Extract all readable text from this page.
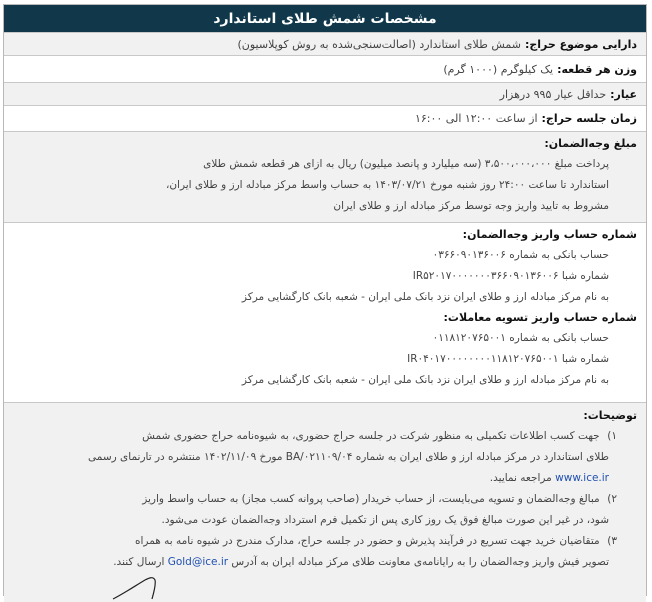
مشخصات شمش طلای استاندارد
دارایی موضوع حراج:
شمش طلای استاندارد (اصالت‌سنجی‌شده به روش کوپلاسیون)
وزن هر قطعه:
یک کیلوگرم (۱۰۰۰ گرم)
عیار:
حداقل عیار ۹۹۵ درهزار
زمان جلسه حراج:
از ساعت ۱۲:۰۰ الی ۱۶:۰۰
مبلغ وجه‌الضمان:
پرداخت مبلغ ۳،۵۰۰،۰۰۰،۰۰۰ (سه میلیارد و پانصد میلیون) ریال به ازای هر قطعه شمش طلای
استاندارد تا ساعت ۲۴:۰۰ روز شنبه مورخ ۱۴۰۳/۰۷/۲۱ به حساب واسط مرکز مبادله ارز و طلای ایران،
مشروط به تایید واریز وجه توسط مرکز مبادله ارز و طلای ایران
شماره حساب واریز وجه‌الضمان:
حساب بانکی به شماره ۰۳۶۶۰۹۰۱۳۶۰۰۶
شماره شبا IR۵۲۰۱۷۰۰۰۰۰۰۰۳۶۶۰۹۰۱۳۶۰۰۶
به نام مرکز مبادله ارز و طلای ایران نزد بانک ملی ایران - شعبه بانک کارگشایی مرکز
شماره حساب واریز تسویه معاملات:
حساب بانکی به شماره ۰۱۱۸۱۲۰۷۶۵۰۰۱
شماره شبا IR۰۴۰۱۷۰۰۰۰۰۰۰۰۱۱۸۱۲۰۷۶۵۰۰۱
به نام مرکز مبادله ارز و طلای ایران نزد بانک ملی ایران - شعبه بانک کارگشایی مرکز
توضیحات:
۱) جهت کسب اطلاعات تکمیلی به منظور شرکت در جلسه حراج حضوری، به شیوه‌نامه حراج حضوری شمش
طلای استاندارد در مرکز مبادله ارز و طلای ایران به شماره BA/۰۲۱۱۰۹/۰۴ مورخ ۱۴۰۲/۱۱/۰۹ منتشره در تارنمای رسمی
www.ice.ir مراجعه نمایید.
۲) مبالغ وجه‌الضمان و تسویه می‌بایست، از حساب خریدار (صاحب پروانه کسب مجاز) به حساب واسط واریز
شود، در غیر این صورت مبالغ فوق یک روز کاری پس از تکمیل فرم استرداد وجه‌الضمان عودت می‌شود.
۳) متقاضیان خرید جهت تسریع در فرآیند پذیرش و حضور در جلسه حراج، مدارک مندرج در شیوه نامه به همراه
تصویر فیش واریز وجه‌الضمان را به رایانامه‌ی معاونت طلای مرکز مبادله ایران به آدرس Gold@ice.ir ارسال کنند.
